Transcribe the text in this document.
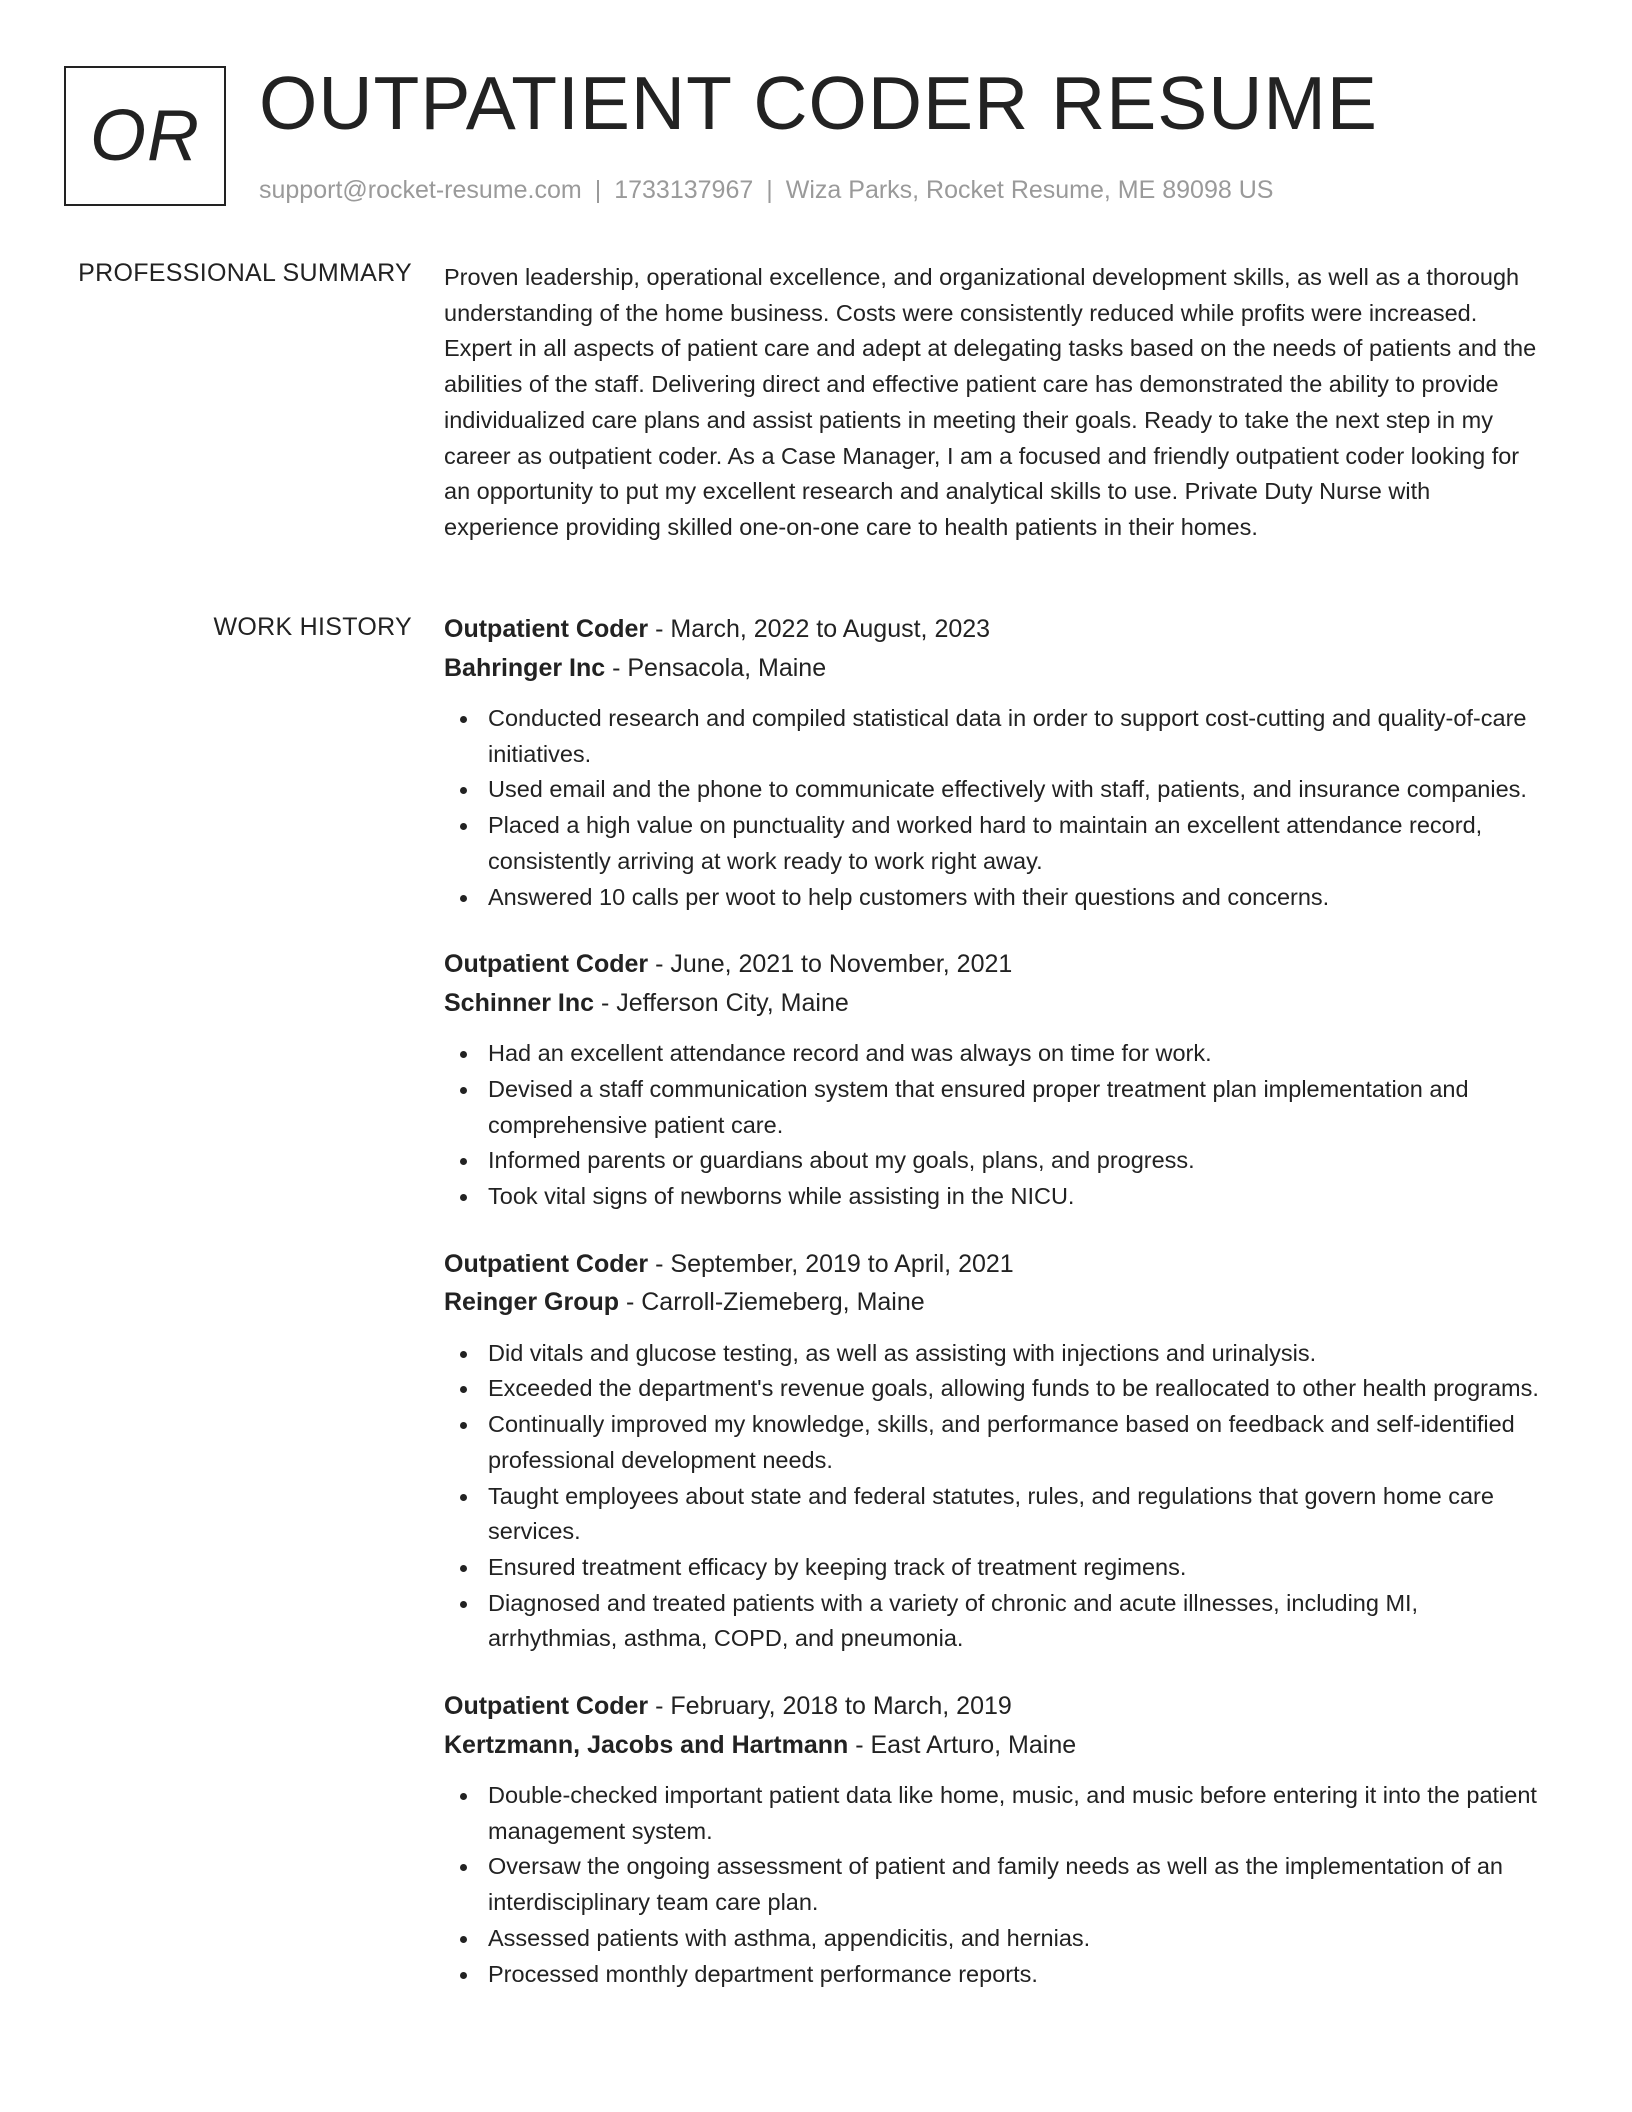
OR OUTPATIENT CODER RESUME
support@rocket-resume.com | 1733137967 | Wiza Parks, Rocket Resume, ME 89098 US
PROFESSIONAL SUMMARY Proven leadership, operational excellence, and organizational development skills, as well as a thorough understanding of the home business. Costs were consistently reduced while profits were increased. Expert in all aspects of patient care and adept at delegating tasks based on the needs of patients and the abilities of the staff. Delivering direct and effective patient care has demonstrated the ability to provide individualized care plans and assist patients in meeting their goals. Ready to take the next step in my career as outpatient coder. As a Case Manager, I am a focused and friendly outpatient coder looking for an opportunity to put my excellent research and analytical skills to use. Private Duty Nurse with experience providing skilled one-on-one care to health patients in their homes.

WORK HISTORY Outpatient Coder - March, 2022 to August, 2023
Bahringer Inc - Pensacola, Maine
Conducted research and compiled statistical data in order to support cost-cutting and quality-of-care initiatives.
Used email and the phone to communicate effectively with staff, patients, and insurance companies.
Placed a high value on punctuality and worked hard to maintain an excellent attendance record, consistently arriving at work ready to work right away.
Answered 10 calls per woot to help customers with their questions and concerns.
Outpatient Coder - June, 2021 to November, 2021
Schinner Inc - Jefferson City, Maine
Had an excellent attendance record and was always on time for work.
Devised a staff communication system that ensured proper treatment plan implementation and comprehensive patient care.
Informed parents or guardians about my goals, plans, and progress.
Took vital signs of newborns while assisting in the NICU.
Outpatient Coder - September, 2019 to April, 2021
Reinger Group - Carroll-Ziemeberg, Maine
Did vitals and glucose testing, as well as assisting with injections and urinalysis.
Exceeded the department's revenue goals, allowing funds to be reallocated to other health programs.
Continually improved my knowledge, skills, and performance based on feedback and self-identified professional development needs.
Taught employees about state and federal statutes, rules, and regulations that govern home care services.
Ensured treatment efficacy by keeping track of treatment regimens.
Diagnosed and treated patients with a variety of chronic and acute illnesses, including MI, arrhythmias, asthma, COPD, and pneumonia.
Outpatient Coder - February, 2018 to March, 2019
Kertzmann, Jacobs and Hartmann - East Arturo, Maine
Double-checked important patient data like home, music, and music before entering it into the patient management system.
Oversaw the ongoing assessment of patient and family needs as well as the implementation of an interdisciplinary team care plan.
Assessed patients with asthma, appendicitis, and hernias.
Processed monthly department performance reports.
